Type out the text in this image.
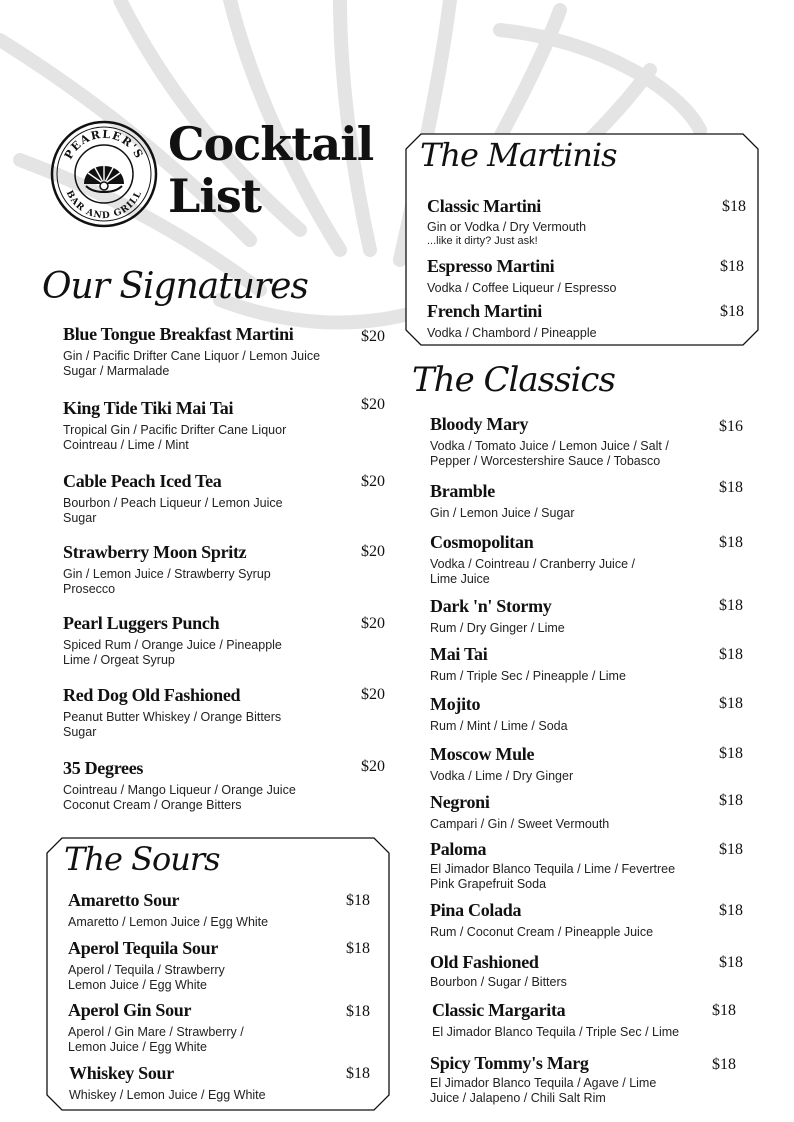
PEARLER'S
BAR AND GRILL
Cocktail
List
Our Signatures
The Sours
The Martinis
The Classics
Blue Tongue Breakfast Martini
Gin / Pacific Drifter Cane Liquor / Lemon Juice
Sugar / Marmalade
$20
King Tide Tiki Mai Tai
Tropical Gin / Pacific Drifter Cane Liquor
Cointreau / Lime / Mint
$20
Cable Peach Iced Tea
Bourbon / Peach Liqueur / Lemon Juice
Sugar
$20
Strawberry Moon Spritz
Gin / Lemon Juice / Strawberry Syrup
Prosecco
$20
Pearl Luggers Punch
Spiced Rum / Orange Juice / Pineapple
Lime / Orgeat Syrup
$20
Red Dog Old Fashioned
Peanut Butter Whiskey / Orange Bitters
Sugar
$20
35 Degrees
Cointreau / Mango Liqueur / Orange Juice
Coconut Cream / Orange Bitters
$20
Amaretto Sour
Amaretto / Lemon Juice / Egg White
$18
Aperol Tequila Sour
Aperol / Tequila / Strawberry
Lemon Juice / Egg White
$18
Aperol Gin Sour
Aperol / Gin Mare / Strawberry /
Lemon Juice / Egg White
$18
Whiskey Sour
Whiskey / Lemon Juice / Egg White
$18
Classic Martini
Gin or Vodka / Dry Vermouth
...like it dirty? Just ask!
$18
Espresso Martini
Vodka / Coffee Liqueur / Espresso
$18
French Martini
Vodka / Chambord / Pineapple
$18
Bloody Mary
Vodka / Tomato Juice / Lemon Juice / Salt /
Pepper / Worcestershire Sauce / Tobasco
$16
Bramble
Gin / Lemon Juice / Sugar
$18
Cosmopolitan
Vodka / Cointreau / Cranberry Juice /
Lime Juice
$18
Dark 'n' Stormy
Rum / Dry Ginger / Lime
$18
Mai Tai
Rum / Triple Sec / Pineapple / Lime
$18
Mojito
Rum / Mint / Lime / Soda
$18
Moscow Mule
Vodka / Lime / Dry Ginger
$18
Negroni
Campari / Gin / Sweet Vermouth
$18
Paloma
El Jimador Blanco Tequila / Lime / Fevertree
Pink Grapefruit Soda
$18
Pina Colada
Rum / Coconut Cream / Pineapple Juice
$18
Old Fashioned
Bourbon / Sugar / Bitters
$18
Classic Margarita
El Jimador Blanco Tequila / Triple Sec / Lime
$18
Spicy Tommy's Marg
El Jimador Blanco Tequila / Agave / Lime
Juice / Jalapeno / Chili Salt Rim
$18
